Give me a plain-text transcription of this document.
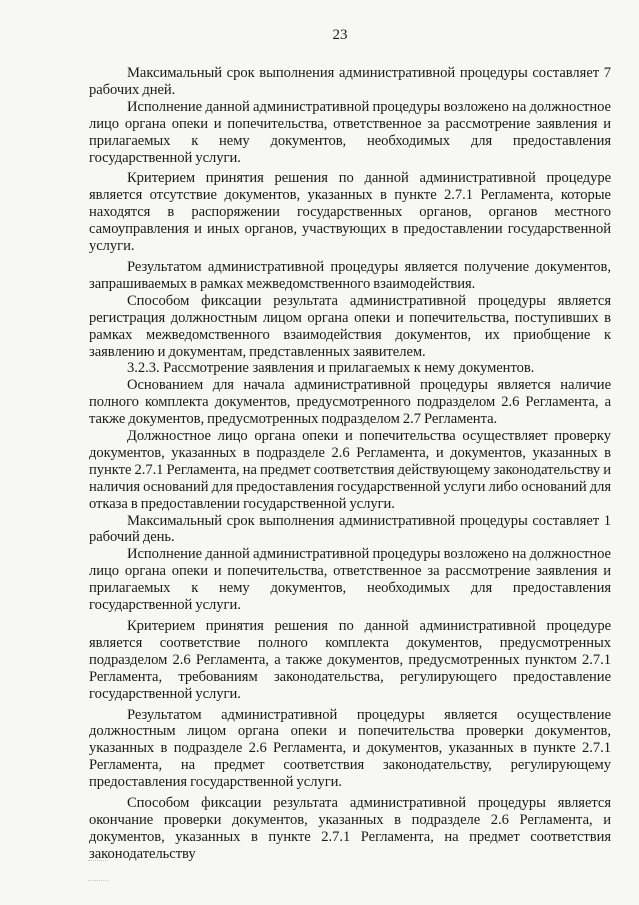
23

Максимальный срок выполнения административной процедуры составляет 7 рабочих дней.

Исполнение данной административной процедуры возложено на должностное лицо органа опеки и попечительства, ответственное за рассмотрение заявления и прилагаемых к нему документов, необходимых для предоставления государственной услуги.

Критерием принятия решения по данной административной процедуре является отсутствие документов, указанных в пункте 2.7.1 Регламента, которые находятся в распоряжении государственных органов, органов местного самоуправления и иных органов, участвующих в предоставлении государственной услуги.

Результатом административной процедуры является получение документов, запрашиваемых в рамках межведомственного взаимодействия.

Способом фиксации результата административной процедуры является регистрация должностным лицом органа опеки и попечительства, поступивших в рамках межведомственного взаимодействия документов, их приобщение к заявлению и документам, представленных заявителем.

3.2.3. Рассмотрение заявления и прилагаемых к нему документов.

Основанием для начала административной процедуры является наличие полного комплекта документов, предусмотренного подразделом 2.6 Регламента, а также документов, предусмотренных подразделом 2.7 Регламента.

Должностное лицо органа опеки и попечительства осуществляет проверку документов, указанных в подразделе 2.6 Регламента, и документов, указанных в пункте 2.7.1 Регламента, на предмет соответствия действующему законодательству и наличия оснований для предоставления государственной услуги либо оснований для отказа в предоставлении государственной услуги.

Максимальный срок выполнения административной процедуры составляет 1 рабочий день.

Исполнение данной административной процедуры возложено на должностное лицо органа опеки и попечительства, ответственное за рассмотрение заявления и прилагаемых к нему документов, необходимых для предоставления государственной услуги.

Критерием принятия решения по данной административной процедуре является соответствие полного комплекта документов, предусмотренных подразделом 2.6 Регламента, а также документов, предусмотренных пунктом 2.7.1 Регламента, требованиям законодательства, регулирующего предоставление государственной услуги.

Результатом административной процедуры является осуществление должностным лицом органа опеки и попечительства проверки документов, указанных в подразделе 2.6 Регламента, и документов, указанных в пункте 2.7.1 Регламента, на предмет соответствия законодательству, регулирующему предоставления государственной услуги.

Способом фиксации результата административной процедуры является окончание проверки документов, указанных в подразделе 2.6 Регламента, и документов, указанных в пункте 2.7.1 Регламента, на предмет соответствия законодательству
